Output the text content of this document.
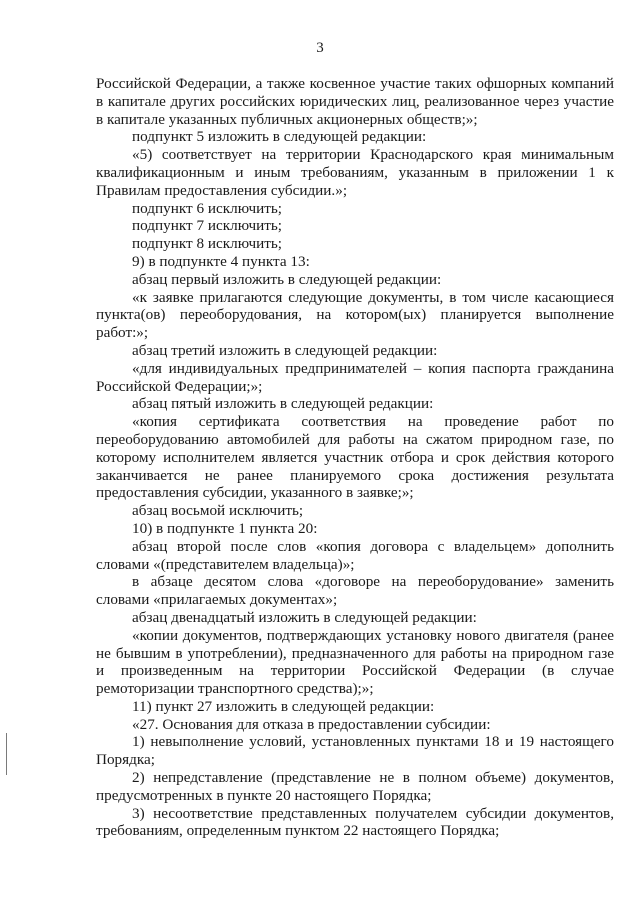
3

Российской Федерации, а также косвенное участие таких офшорных компаний в капитале других российских юридических лиц, реализованное через участие в капитале указанных публичных акционерных обществ;»;

подпункт 5 изложить в следующей редакции:

«5) соответствует на территории Краснодарского края минимальным квалификационным и иным требованиям, указанным в приложении 1 к Правилам предоставления субсидии.»;

подпункт 6 исключить;

подпункт 7 исключить;

подпункт 8 исключить;

9) в подпункте 4 пункта 13:

абзац первый изложить в следующей редакции:

«к заявке прилагаются следующие документы, в том числе касающиеся пункта(ов) переоборудования, на котором(ых) планируется выполнение работ:»;

абзац третий изложить в следующей редакции:

«для индивидуальных предпринимателей – копия паспорта гражданина Российской Федерации;»;

абзац пятый изложить в следующей редакции:

«копия сертификата соответствия на проведение работ по переоборудованию автомобилей для работы на сжатом природном газе, по которому исполнителем является участник отбора и срок действия которого заканчивается не ранее планируемого срока достижения результата предоставления субсидии, указанного в заявке;»;

абзац восьмой исключить;

10) в подпункте 1 пункта 20:

абзац второй после слов «копия договора с владельцем» дополнить словами «(представителем владельца)»;

в абзаце десятом слова «договоре на переоборудование» заменить словами «прилагаемых документах»;

абзац двенадцатый изложить в следующей редакции:

«копии документов, подтверждающих установку нового двигателя (ранее не бывшим в употреблении), предназначенного для работы на природном газе и произведенным на территории Российской Федерации (в случае ремоторизации транспортного средства);»;

11) пункт 27 изложить в следующей редакции:

«27. Основания для отказа в предоставлении субсидии:

1) невыполнение условий, установленных пунктами 18 и 19 настоящего Порядка;

2) непредставление (представление не в полном объеме) документов, предусмотренных в пункте 20 настоящего Порядка;

3) несоответствие представленных получателем субсидии документов, требованиям, определенным пунктом 22 настоящего Порядка;
